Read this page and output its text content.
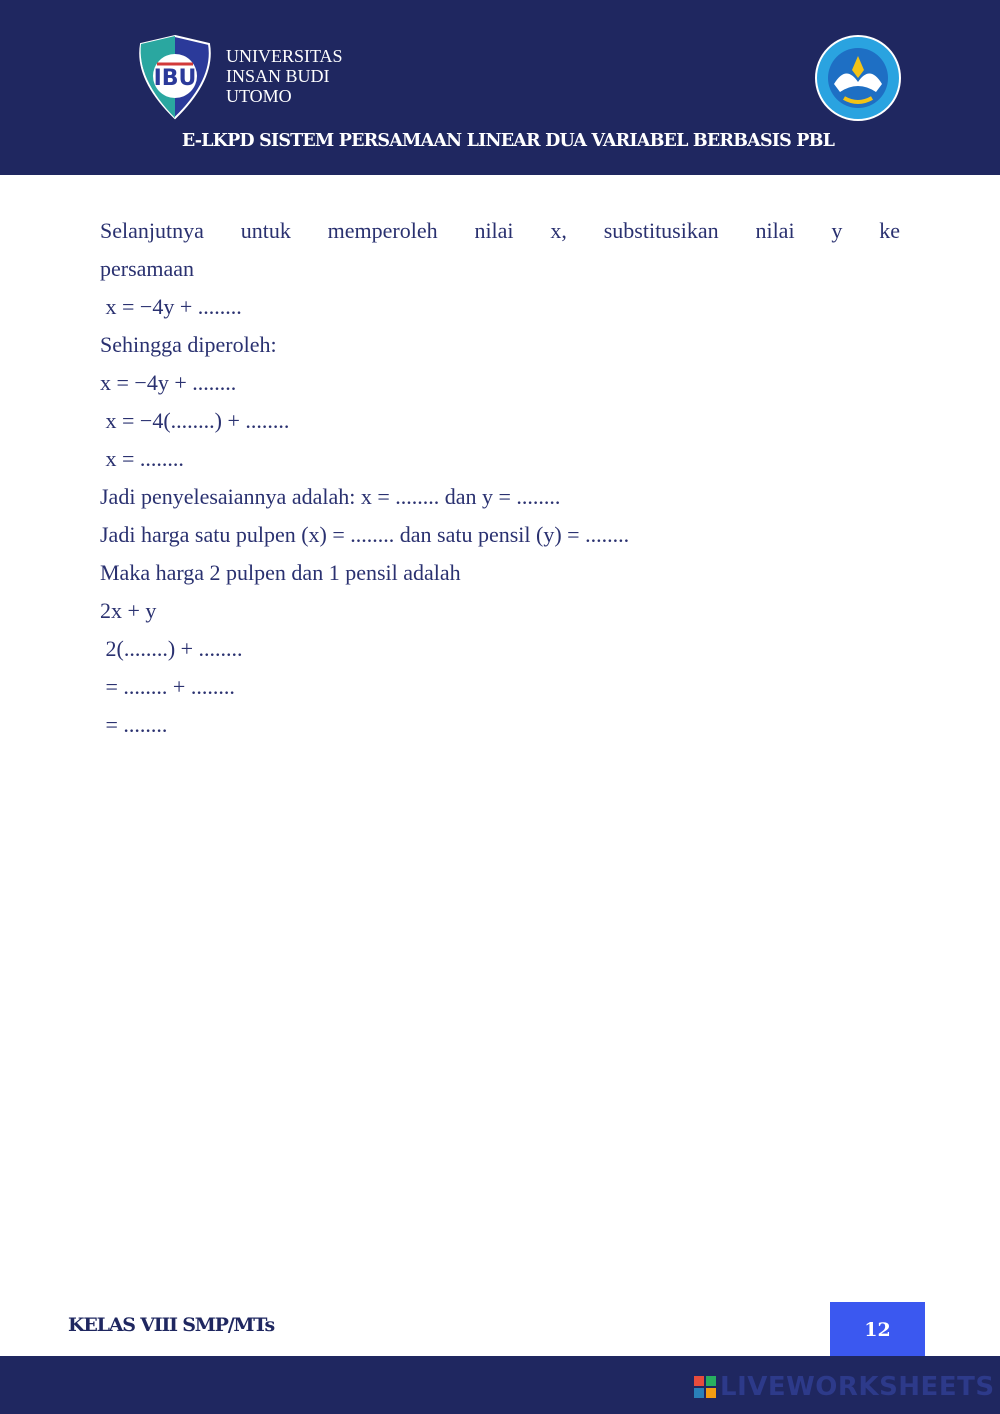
IBU
UNIVERSITAS
INSAN BUDI
UTOMO
E-LKPD SISTEM PERSAMAAN LINEAR DUA VARIABEL BERBASIS PBL
Selanjutnya untuk memperoleh nilai x, substitusikan nilai y ke
persamaan
x = −4y + ........
Sehingga diperoleh:
x = −4y + ........
x = −4(........) + ........
x = ........
Jadi penyelesaiannya adalah: x = ........ dan y = ........
Jadi harga satu pulpen (x) = ........ dan satu pensil (y) = ........
Maka harga 2 pulpen dan 1 pensil adalah
2x + y
2(........) + ........
= ........ + ........
= ........
KELAS VIII SMP/MTs	12
LIVEWORKSHEETS
